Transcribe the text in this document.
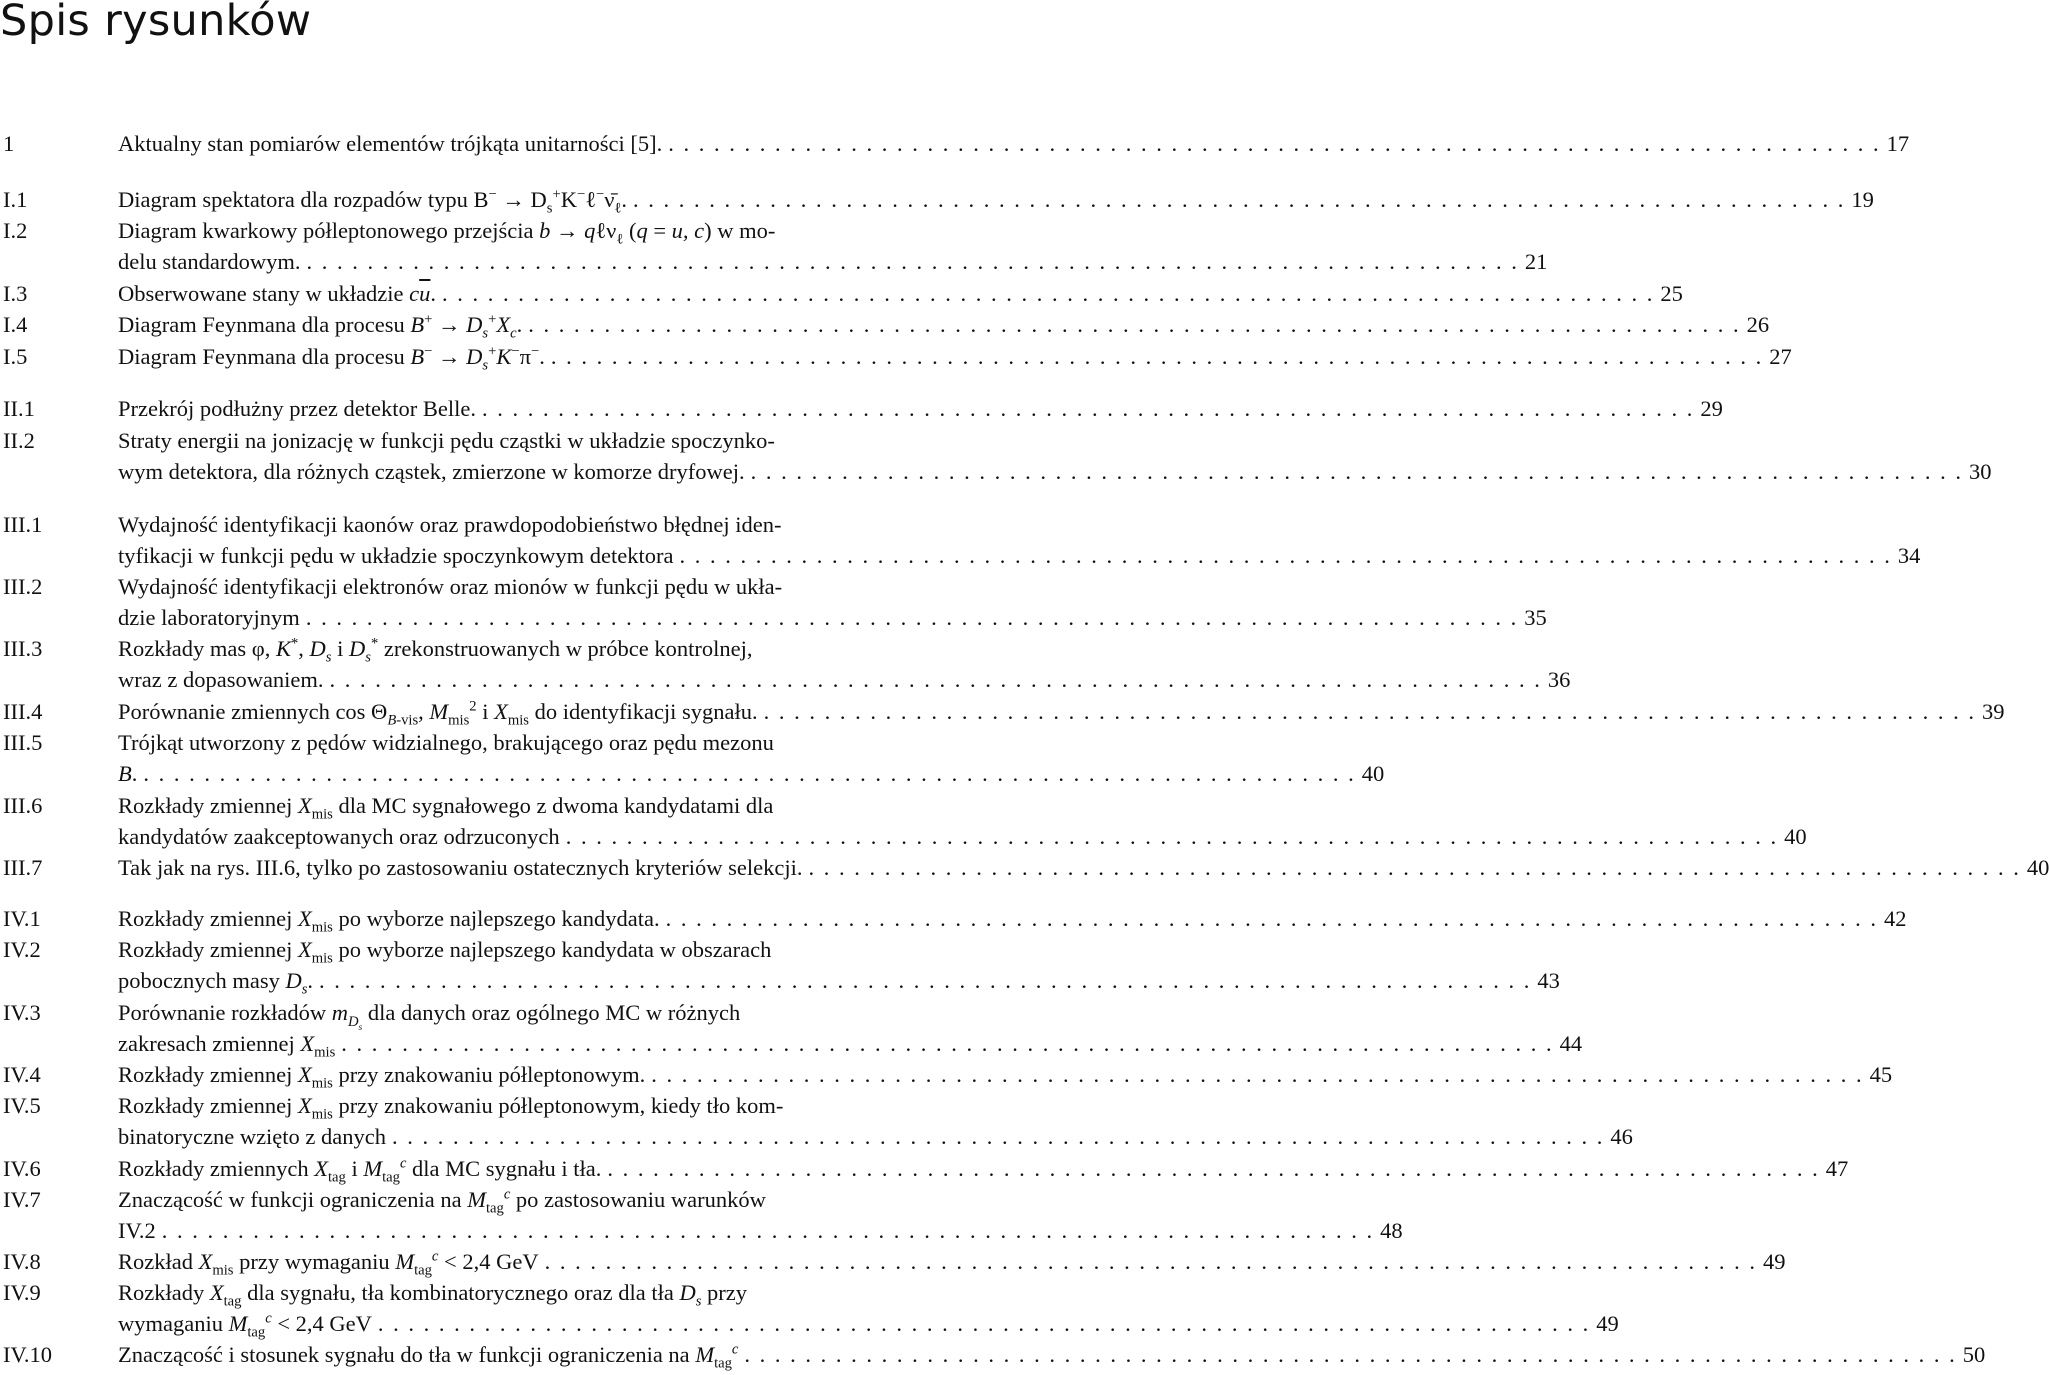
Spis rysunków
1	Aktualny stan pomiarów elementów trójkąta unitarności [5]. . . . . . . . . . . . . . . . . . . . . . . . . . . . . . . . . . . . . . . . . . . . . . . . . . . . . . . . . . . . . . . . . . . . . . . . . . . . . . . . . 17
I.1	Diagram spektatora dla rozpadów typu $B^- \to D_s^+K^-\ell^-\nū_\ell$. . . . . . . . . . . . . . . . . . . . . . . . . . . . . . . . . . . . . . . . . . . . . . . . . . . . . . . . . . . . . . . . . . . . . . . . . . . . . . . . . 19
I.2	Diagram kwarkowy półleptonowego przejścia b → qℓν$_\ell$ (q = u, c) w mo-
delu standardowym. . . . . . . . . . . . . . . . . . . . . . . . . . . . . . . . . . . . . . . . . . . . . . . . . . . . . . . . . . . . . . . . . . . . . . . . . . . . . . . . . 21
I.3	Obserwowane stany w układzie $c\overline{u}$. . . . . . . . . . . . . . . . . . . . . . . . . . . . . . . . . . . . . . . . . . . . . . . . . . . . . . . . . . . . . . . . . . . . . . . . . . . . . . . . . 25
I.4	Diagram Feynmana dla procesu $B^+ \to D_s^+X_c$. . . . . . . . . . . . . . . . . . . . . . . . . . . . . . . . . . . . . . . . . . . . . . . . . . . . . . . . . . . . . . . . . . . . . . . . . . . . . . . . . 26
I.5	Diagram Feynmana dla procesu $B^- \to D_s^+K^-\pi^-$. . . . . . . . . . . . . . . . . . . . . . . . . . . . . . . . . . . . . . . . . . . . . . . . . . . . . . . . . . . . . . . . . . . . . . . . . . . . . . . . . 27
II.1	Przekrój podłużny przez detektor Belle. . . . . . . . . . . . . . . . . . . . . . . . . . . . . . . . . . . . . . . . . . . . . . . . . . . . . . . . . . . . . . . . . . . . . . . . . . . . . . . . . 29
II.2	Straty energii na jonizację w funkcji pędu cząstki w układzie spoczynko-
wym detektora, dla różnych cząstek, zmierzone w komorze dryfowej. . . . . . . . . . . . . . . . . . . . . . . . . . . . . . . . . . . . . . . . . . . . . . . . . . . . . . . . . . . . . . . . . . . . . . . . . . . . . . . . . 30
III.1	Wydajność identyfikacji kaonów oraz prawdopodobieństwo błędnej iden-
tyfikacji w funkcji pędu w układzie spoczynkowym detektora . . . . . . . . . . . . . . . . . . . . . . . . . . . . . . . . . . . . . . . . . . . . . . . . . . . . . . . . . . . . . . . . . . . . . . . . . . . . . . . . 34
III.2	Wydajność identyfikacji elektronów oraz mionów w funkcji pędu w ukła-
dzie laboratoryjnym . . . . . . . . . . . . . . . . . . . . . . . . . . . . . . . . . . . . . . . . . . . . . . . . . . . . . . . . . . . . . . . . . . . . . . . . . . . . . . . . 35
III.3	Rozkłady mas φ, K*, $D_s$ i $D_s^*$ zrekonstruowanych w próbce kontrolnej,
wraz z dopasowaniem. . . . . . . . . . . . . . . . . . . . . . . . . . . . . . . . . . . . . . . . . . . . . . . . . . . . . . . . . . . . . . . . . . . . . . . . . . . . . . . . . 36
III.4	Porównanie zmiennych $\cos \Theta_{B-vis}$, $M_{mis}^2$ i $X_{mis}$ do identyfikacji sygnału. . . . . . . . . . . . . . . . . . . . . . . . . . . . . . . . . . . . . . . . . . . . . . . . . . . . . . . . . . . . . . . . . . . . . . . . . . . . . . . . . 39
III.5	Trójkąt utworzony z pędów widzialnego, brakującego oraz pędu mezonu
B. . . . . . . . . . . . . . . . . . . . . . . . . . . . . . . . . . . . . . . . . . . . . . . . . . . . . . . . . . . . . . . . . . . . . . . . . . . . . . . . . 40
III.6	Rozkłady zmiennej $X_{mis}$ dla MC sygnałowego z dwoma kandydatami dla
kandydatów zaakceptowanych oraz odrzuconych . . . . . . . . . . . . . . . . . . . . . . . . . . . . . . . . . . . . . . . . . . . . . . . . . . . . . . . . . . . . . . . . . . . . . . . . . . . . . . . . 40
III.7	Tak jak na rys. III.6, tylko po zastosowaniu ostatecznych kryteriów selekcji. . . . . . . . . . . . . . . . . . . . . . . . . . . . . . . . . . . . . . . . . . . . . . . . . . . . . . . . . . . . . . . . . . . . . . . . . . . . . . . . . 40
IV.1	Rozkłady zmiennej $X_{mis}$ po wyborze najlepszego kandydata. . . . . . . . . . . . . . . . . . . . . . . . . . . . . . . . . . . . . . . . . . . . . . . . . . . . . . . . . . . . . . . . . . . . . . . . . . . . . . . . . 42
IV.2	Rozkłady zmiennej $X_{mis}$ po wyborze najlepszego kandydata w obszarach
pobocznych masy $D_s$. . . . . . . . . . . . . . . . . . . . . . . . . . . . . . . . . . . . . . . . . . . . . . . . . . . . . . . . . . . . . . . . . . . . . . . . . . . . . . . . . 43
IV.3	Porównanie rozkładów $m_{D_s}$ dla danych oraz ogólnego MC w różnych
zakresach zmiennej $X_{mis}$ . . . . . . . . . . . . . . . . . . . . . . . . . . . . . . . . . . . . . . . . . . . . . . . . . . . . . . . . . . . . . . . . . . . . . . . . . . . . . . . . 44
IV.4	Rozkłady zmiennej $X_{mis}$ przy znakowaniu półleptonowym. . . . . . . . . . . . . . . . . . . . . . . . . . . . . . . . . . . . . . . . . . . . . . . . . . . . . . . . . . . . . . . . . . . . . . . . . . . . . . . . . 45
IV.5	Rozkłady zmiennej $X_{mis}$ przy znakowaniu półleptonowym, kiedy tło kom-
binatoryczne wzięto z danych . . . . . . . . . . . . . . . . . . . . . . . . . . . . . . . . . . . . . . . . . . . . . . . . . . . . . . . . . . . . . . . . . . . . . . . . . . . . . . . . 46
IV.6	Rozkłady zmiennych $X_{tag}$ i $M_{tag}^c$ dla MC sygnału i tła. . . . . . . . . . . . . . . . . . . . . . . . . . . . . . . . . . . . . . . . . . . . . . . . . . . . . . . . . . . . . . . . . . . . . . . . . . . . . . . . . 47
IV.7	Znaczącość w funkcji ograniczenia na $M_{tag}^c$ po zastosowaniu warunków
IV.2 . . . . . . . . . . . . . . . . . . . . . . . . . . . . . . . . . . . . . . . . . . . . . . . . . . . . . . . . . . . . . . . . . . . . . . . . . . . . . . . . 48
IV.8	Rozkład $X_{mis}$ przy wymaganiu $M_{tag}^c < 2,4$ GeV . . . . . . . . . . . . . . . . . . . . . . . . . . . . . . . . . . . . . . . . . . . . . . . . . . . . . . . . . . . . . . . . . . . . . . . . . . . . . . . . 49
IV.9	Rozkłady $X_{tag}$ dla sygnału, tła kombinatorycznego oraz dla tła $D_s$ przy
wymaganiu $M_{tag}^c < 2,4$ GeV . . . . . . . . . . . . . . . . . . . . . . . . . . . . . . . . . . . . . . . . . . . . . . . . . . . . . . . . . . . . . . . . . . . . . . . . . . . . . . . . 49
IV.10	Znaczącość i stosunek sygnału do tła w funkcji ograniczenia na $M_{tag}^c$ . . . . . . . . . . . . . . . . . . . . . . . . . . . . . . . . . . . . . . . . . . . . . . . . . . . . . . . . . . . . . . . . . . . . . . . . . . . . . . . . 50
